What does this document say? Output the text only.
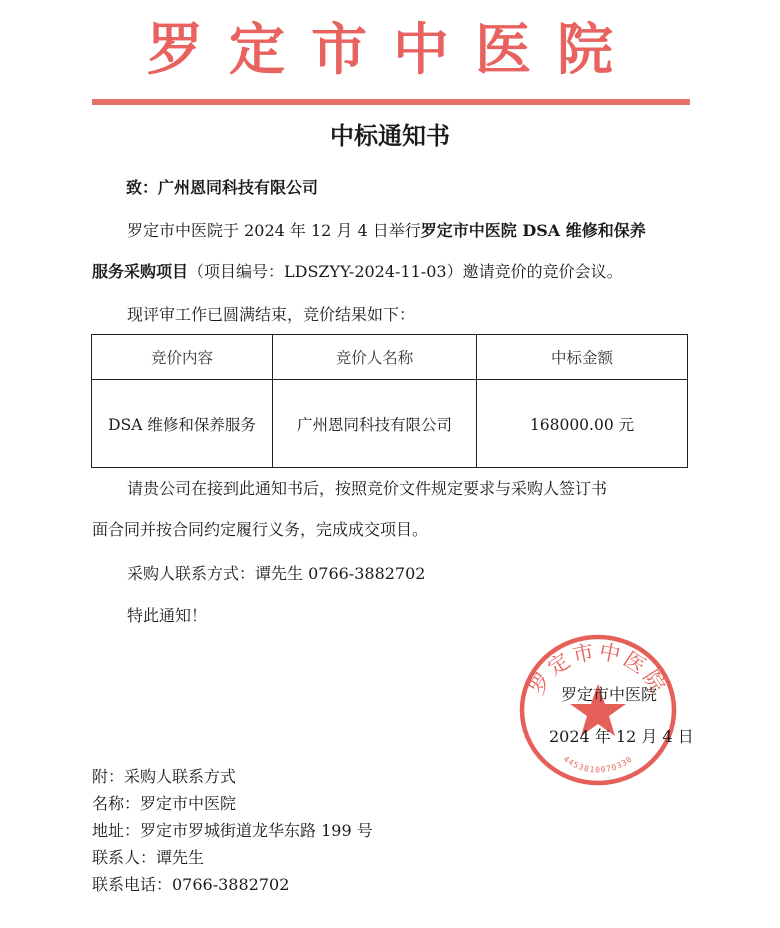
罗定市中医院
中标通知书
致：广州恩同科技有限公司
罗定市中医院于 2024 年 12 月 4 日举行罗定市中医院 DSA 维修和保养
服务采购项目（项目编号：LDSZYY-2024-11-03）邀请竞价的竞价会议。
现评审工作已圆满结束，竞价结果如下：
竞价内容	竞价人名称	中标金额
DSA 维修和保养服务	广州恩同科技有限公司	168000.00 元
请贵公司在接到此通知书后，按照竞价文件规定要求与采购人签订书
面合同并按合同约定履行义务，完成成交项目。
采购人联系方式：谭先生 0766-3882702
特此通知！
罗定市中医院
4453810070330
罗定市中医院
2024 年 12 月 4 日
附：采购人联系方式
名称：罗定市中医院
地址：罗定市罗城街道龙华东路 199 号
联系人：谭先生
联系电话：0766-3882702
